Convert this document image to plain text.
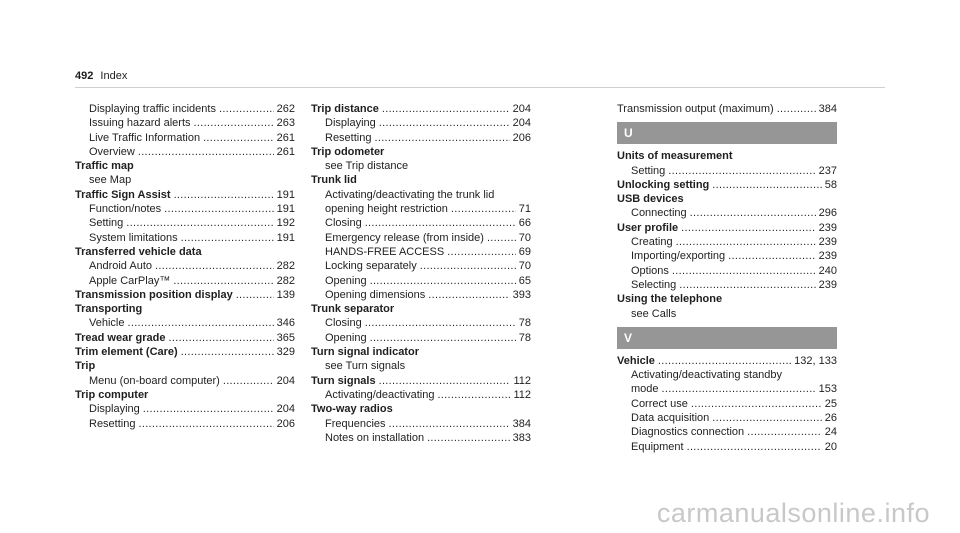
492 Index
Displaying traffic incidents .....	262
Issuing hazard alerts .....	263
Live Traffic Information .....	261
Overview .....	261
Traffic map
see Map
Traffic Sign Assist .....	191
Function/notes .....	191
Setting .....	192
System limitations .....	191
Transferred vehicle data
Android Auto .....	282
Apple CarPlay™ .....	282
Transmission position display .....	139
Transporting
Vehicle .....	346
Tread wear grade .....	365
Trim element (Care) .....	329
Trip
Menu (on-board computer) .....	204
Trip computer
Displaying .....	204
Resetting .....	206
Trip distance .....	204
Displaying .....	204
Resetting .....	206
Trip odometer
see Trip distance
Trunk lid
Activating/deactivating the trunk lid
opening height restriction .....	71
Closing .....	66
Emergency release (from inside) .....	70
HANDS-FREE ACCESS .....	69
Locking separately .....	70
Opening .....	65
Opening dimensions .....	393
Trunk separator
Closing .....	78
Opening .....	78
Turn signal indicator
see Turn signals
Turn signals .....	112
Activating/deactivating .....	112
Two-way radios
Frequencies .....	384
Notes on installation .....	383
Transmission output (maximum) .....	384
U
Units of measurement
Setting .....	237
Unlocking setting .....	58
USB devices
Connecting .....	296
User profile .....	239
Creating .....	239
Importing/exporting .....	239
Options .....	240
Selecting .....	239
Using the telephone
see Calls
V
Vehicle .....	132, 133
Activating/deactivating standby
mode .....	153
Correct use .....	25
Data acquisition .....	26
Diagnostics connection .....	24
Equipment .....	20
carmanualsonline.info
